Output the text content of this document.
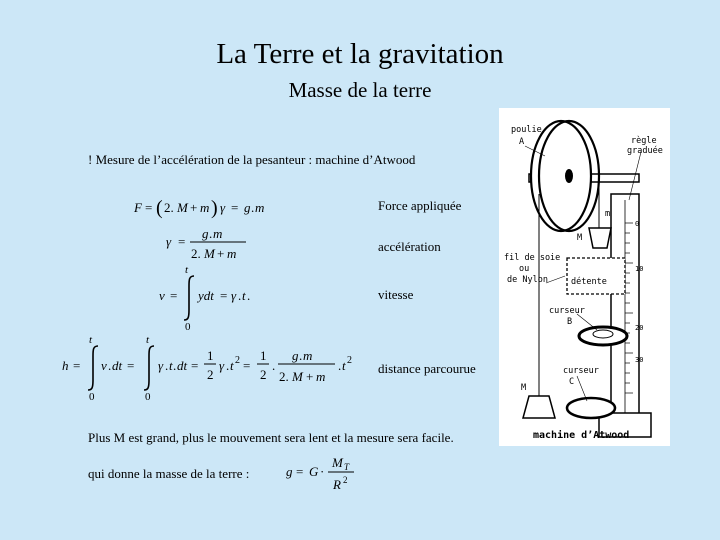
La Terre et la gravitation
Masse de la terre
! Mesure de l’accélération de la pesanteur : machine d’Atwood
F = ( 2. M + m ) γ = g . m	Force appliquée
γ =
g . m
2. M + m	accélération
v =
t
0
ydt = γ . t .	vitesse
h =
t
0
v . dt =
t
0
γ . t . dt =
1
2
γ . t 2 =
1
2
.
g . m
2. M + m
. t 2
distance parcourue
g = G ·
M T
R 2
Plus M est grand, plus le mouvement sera lent et la mesure sera facile.
qui donne la masse de la terre :
poulie
A	règle
graduée
fil de soie
ou
de Nylon	détente
curseur
B
curseur
C
M
m
M
0
10
20
30
machine d’Atwood
